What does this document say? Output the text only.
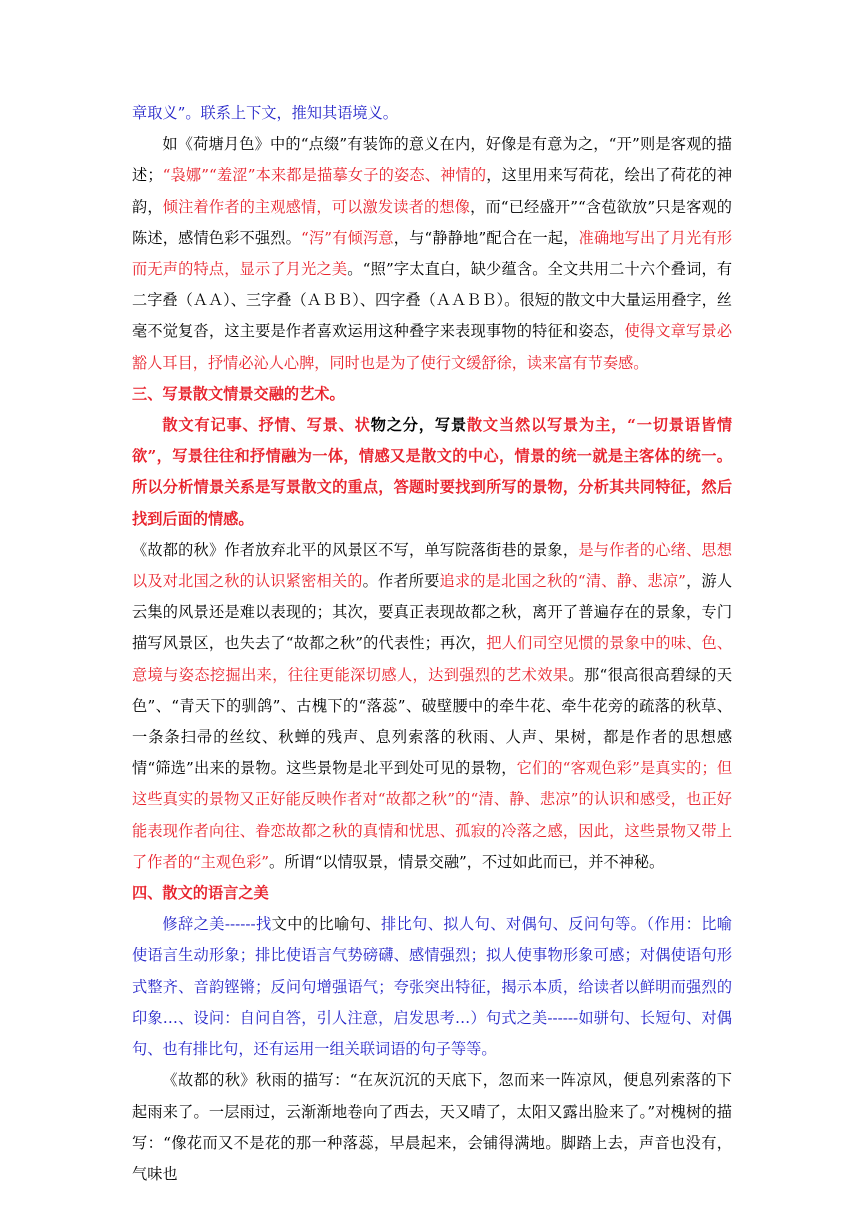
章取义”。联系上下文，推知其语境义。

如《荷塘月色》中的“点缀”有装饰的意义在内，好像是有意为之，“开”则是客观的描述；“袅娜”“羞涩”本来都是描摹女子的姿态、神情的，这里用来写荷花，绘出了荷花的神韵，倾注着作者的主观感情，可以激发读者的想像，而“已经盛开”“含苞欲放”只是客观的陈述，感情色彩不强烈。“泻”有倾泻意，与“静静地”配合在一起，准确地写出了月光有形而无声的特点，显示了月光之美。“照”字太直白，缺少蕴含。全文共用二十六个叠词，有二字叠（ＡＡ）、三字叠（ＡＢＢ）、四字叠（ＡＡＢＢ）。很短的散文中大量运用叠字，丝毫不觉复沓，这主要是作者喜欢运用这种叠字来表现事物的特征和姿态，使得文章写景必豁人耳目，抒情必沁人心脾，同时也是为了使行文缓舒徐，读来富有节奏感。

三、写景散文情景交融的艺术。

散文有记事、抒情、写景、状物之分，写景散文当然以写景为主，“一切景语皆情欲”，写景往往和抒情融为一体，情感又是散文的中心，情景的统一就是主客体的统一。所以分析情景关系是写景散文的重点，答题时要找到所写的景物，分析其共同特征，然后找到后面的情感。

《故都的秋》作者放弃北平的风景区不写，单写院落街巷的景象，是与作者的心绪、思想以及对北国之秋的认识紧密相关的。作者所要追求的是北国之秋的“清、静、悲凉”，游人云集的风景还是难以表现的；其次，要真正表现故都之秋，离开了普遍存在的景象，专门描写风景区，也失去了“故都之秋”的代表性；再次，把人们司空见惯的景象中的味、色、意境与姿态挖掘出来，往往更能深切感人，达到强烈的艺术效果。那“很高很高碧绿的天色”、“青天下的驯鸽”、古槐下的“落蕊”、破壁腰中的牵牛花、牵牛花旁的疏落的秋草、一条条扫帚的丝纹、秋蝉的残声、息列索落的秋雨、人声、果树，都是作者的思想感情“筛选”出来的景物。这些景物是北平到处可见的景物，它们的“客观色彩”是真实的；但这些真实的景物又正好能反映作者对“故都之秋”的“清、静、悲凉”的认识和感受，也正好能表现作者向往、眷恋故都之秋的真情和忧思、孤寂的冷落之感，因此，这些景物又带上了作者的“主观色彩”。所谓“以情驭景，情景交融”，不过如此而已，并不神秘。

四、散文的语言之美

修辞之美------找文中的比喻句、排比句、拟人句、对偶句、反问句等。（作用：比喻使语言生动形象；排比使语言气势磅礴、感情强烈；拟人使事物形象可感；对偶使语句形式整齐、音韵铿锵；反问句增强语气；夸张突出特征，揭示本质，给读者以鲜明而强烈的印象…、设问：自问自答，引人注意，启发思考…）句式之美------如骈句、长短句、对偶句、也有排比句，还有运用一组关联词语的句子等等。

《故都的秋》秋雨的描写：“在灰沉沉的天底下，忽而来一阵凉风，便息列索落的下起雨来了。一层雨过，云渐渐地卷向了西去，天又晴了，太阳又露出脸来了。”对槐树的描写：“像花而又不是花的那一种落蕊，早晨起来，会铺得满地。脚踏上去，声音也没有，气味也
